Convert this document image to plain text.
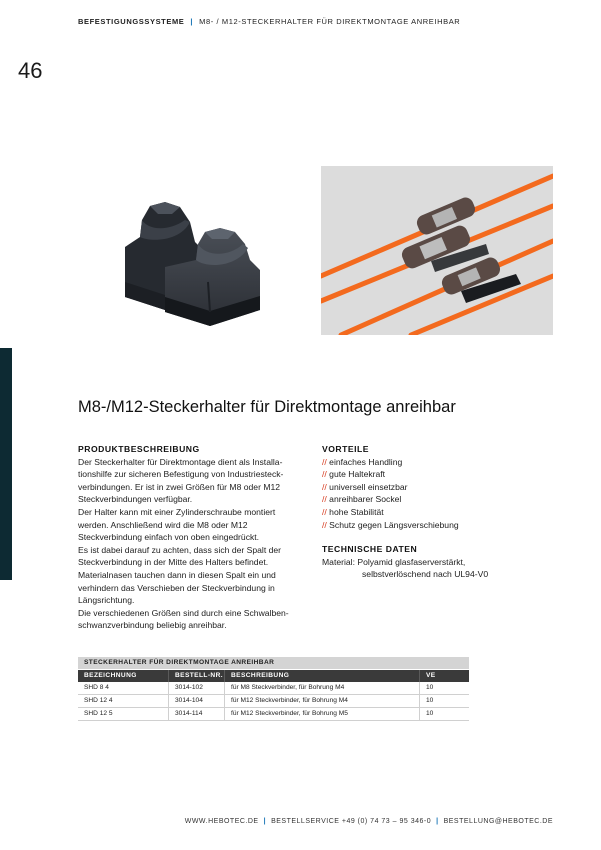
BEFESTIGUNGSSYSTEME | M8- / M12-STECKERHALTER FÜR DIREKTMONTAGE ANREIHBAR
46
M8-/M12-Steckerhalter für Direktmontage anreihbar
PRODUKTBESCHREIBUNG
Der Steckerhalter für Direktmontage dient als Installa-
tionshilfe zur sicheren Befestigung von Industriesteck-
verbindungen. Er ist in zwei Größen für M8 oder M12
Steckverbindungen verfügbar.
Der Halter kann mit einer Zylinderschraube montiert
werden. Anschließend wird die M8 oder M12
Steckverbindung einfach von oben eingedrückt.
Es ist dabei darauf zu achten, dass sich der Spalt der
Steckverbindung in der Mitte des Halters befindet.
Materialnasen tauchen dann in diesen Spalt ein und
verhindern das Verschieben der Steckverbindung in
Längsrichtung.
Die verschiedenen Größen sind durch eine Schwalben-
schwanzverbindung beliebig anreihbar.
VORTEILE
// einfaches Handling
// gute Haltekraft
// universell einsetzbar
// anreihbarer Sockel
// hohe Stabilität
// Schutz gegen Längsverschiebung
TECHNISCHE DATEN
Material: Polyamid glasfaserverstärkt,
selbstverlöschend nach UL94-V0
STECKERHALTER FÜR DIREKTMONTAGE ANREIHBAR
BEZEICHNUNG	BESTELL-NR.	BESCHREIBUNG	VE
SHD 8 4	3014-102	für M8 Steckverbinder, für Bohrung M4	10
SHD 12 4	3014-104	für M12 Steckverbinder, für Bohrung M4	10
SHD 12 5	3014-114	für M12 Steckverbinder, für Bohrung M5	10
WWW.HEBOTEC.DE | BESTELLSERVICE +49 (0) 74 73 – 95 346-0 | BESTELLUNG@HEBOTEC.DE
